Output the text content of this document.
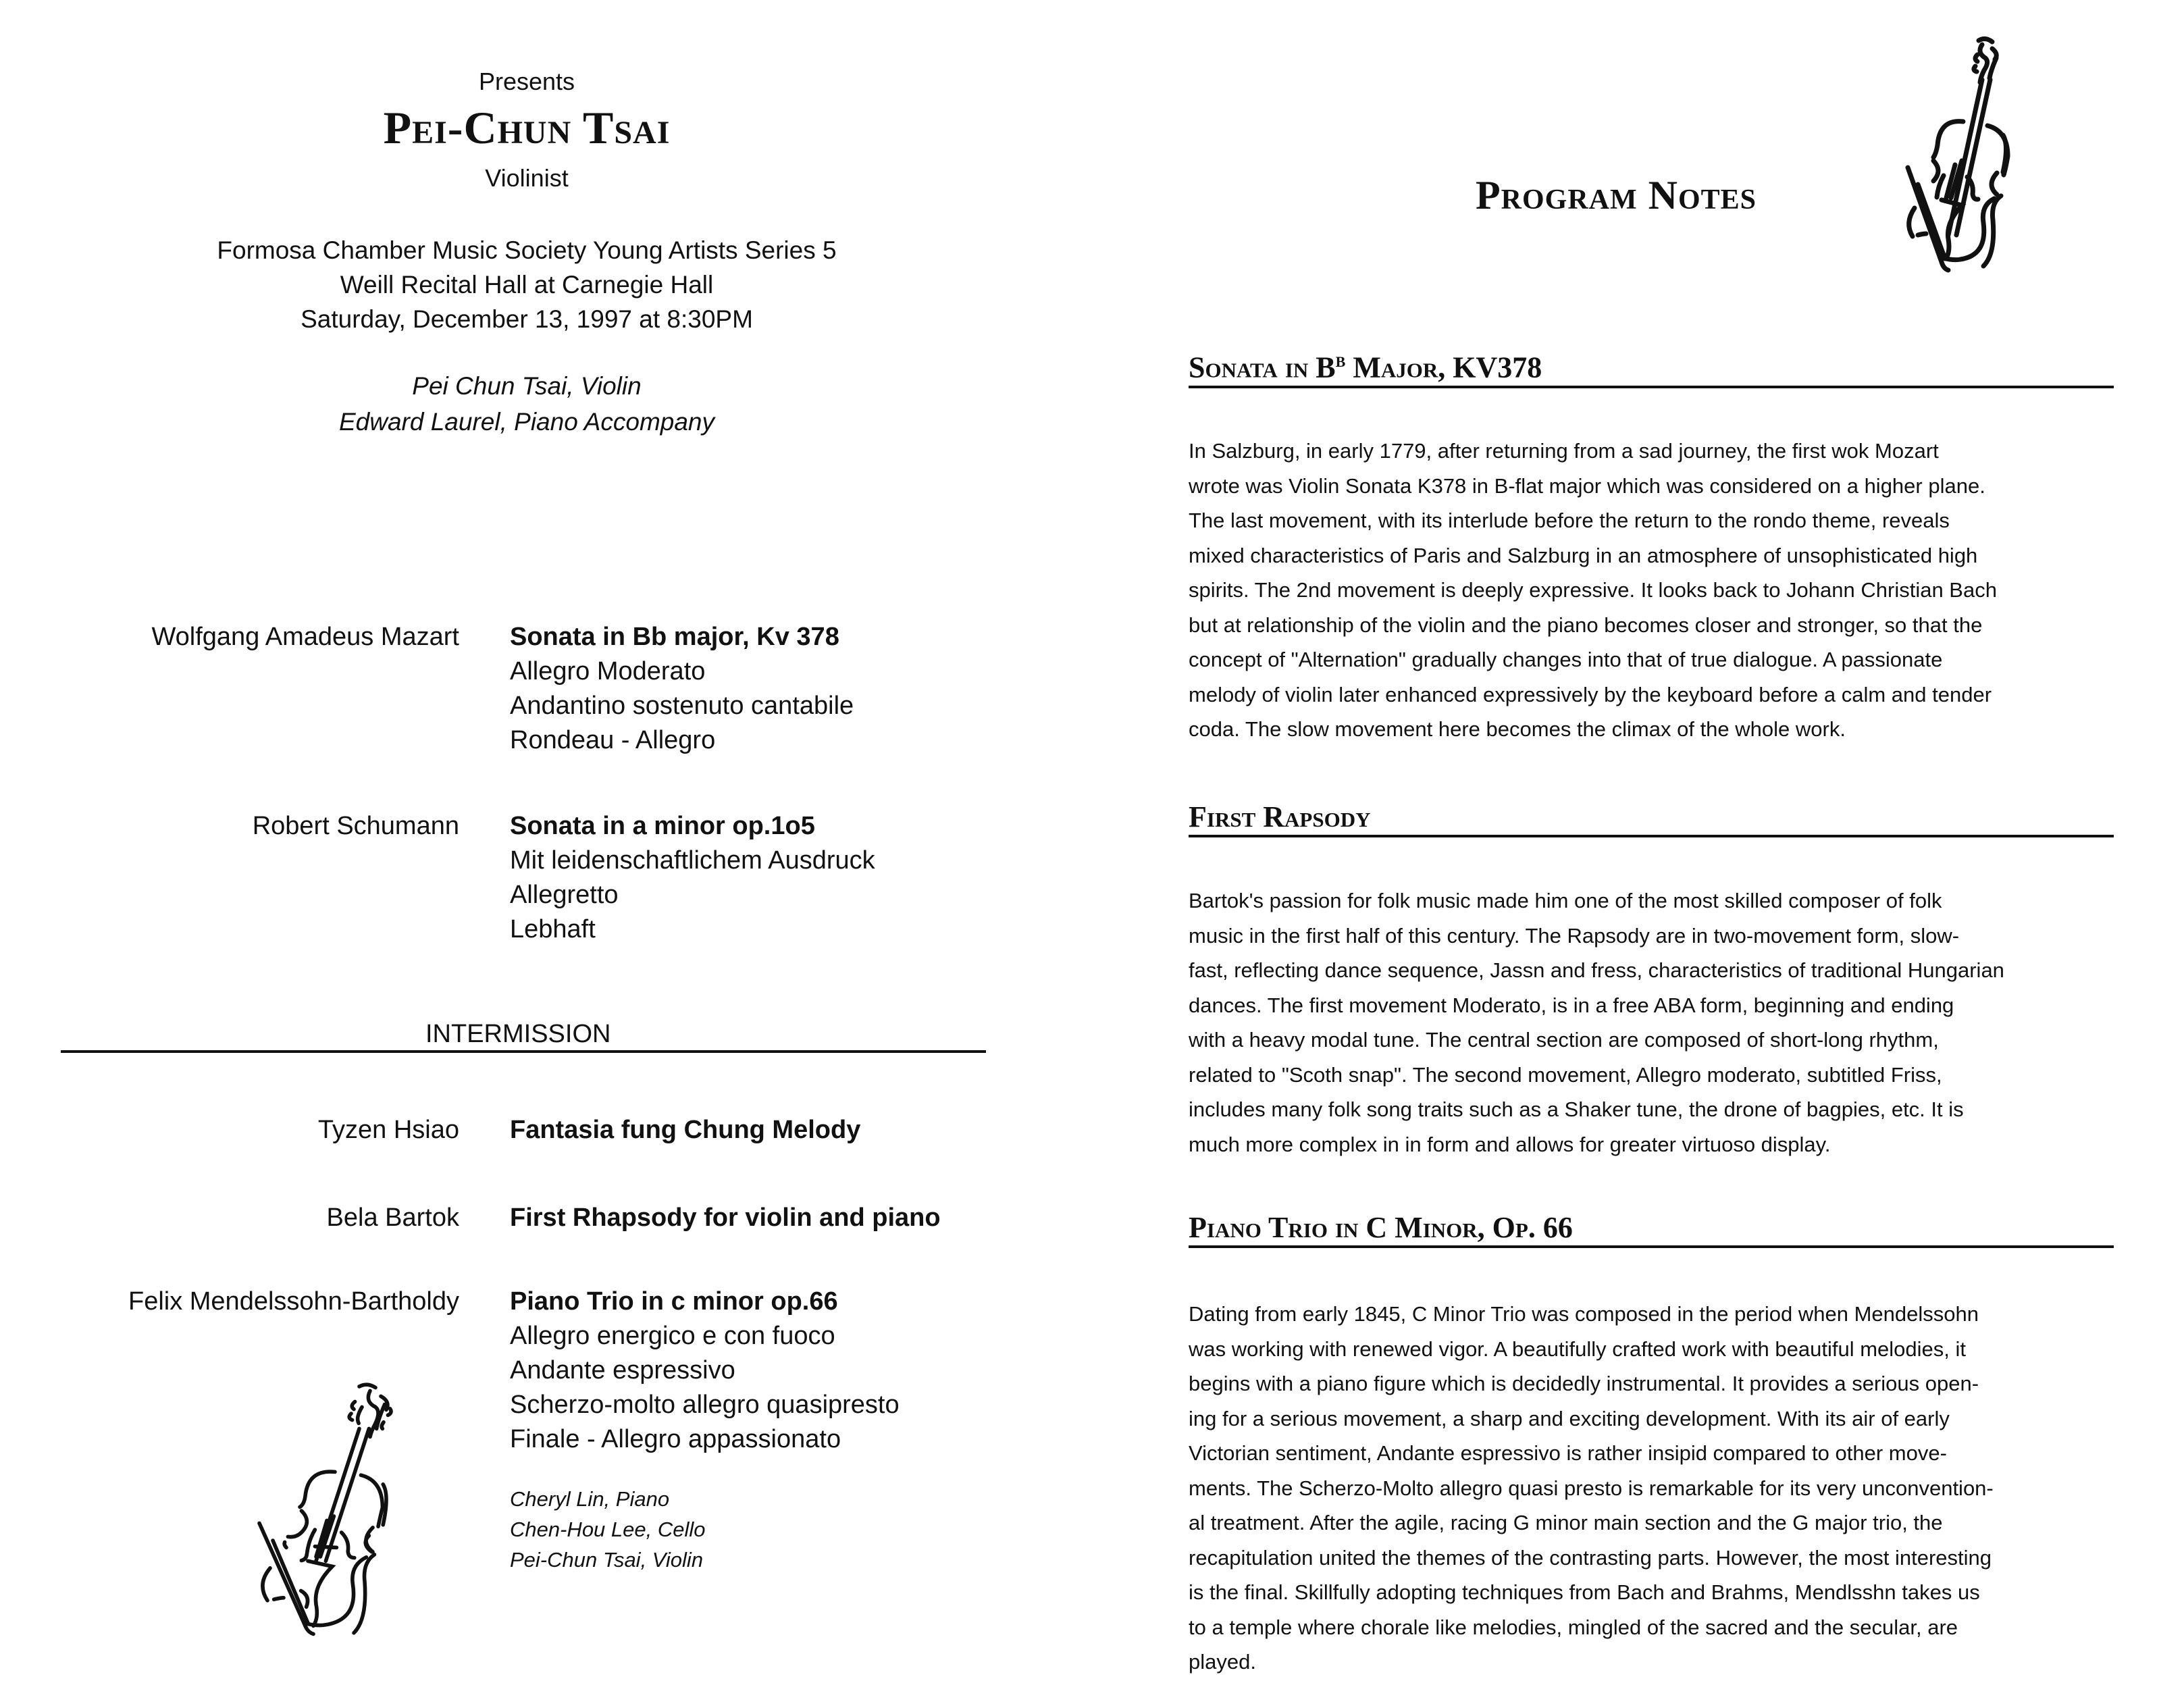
Presents
Pei-Chun Tsai
Violinist
Formosa Chamber Music Society Young Artists Series 5
Weill Recital Hall at Carnegie Hall
Saturday, December 13, 1997 at 8:30PM
Pei Chun Tsai, Violin
Edward Laurel, Piano Accompany
Wolfgang Amadeus Mazart Sonata in Bb major, Kv 378
Allegro Moderato
Andantino sostenuto cantabile
Rondeau - Allegro
Robert Schumann Sonata in a minor op.1o5
Mit leidenschaftlichem Ausdruck
Allegretto
Lebhaft
INTERMISSION
Tyzen Hsiao Fantasia fung Chung Melody
Bela Bartok First Rhapsody for violin and piano
Felix Mendelssohn-Bartholdy Piano Trio in c minor op.66
Allegro energico e con fuoco
Andante espressivo
Scherzo-molto allegro quasipresto
Finale - Allegro appassionato
Cheryl Lin, Piano
Chen-Hou Lee, Cello
Pei-Chun Tsai, Violin
Program Notes
Sonata in $B^b$ Major, KV378
In Salzburg, in early 1779, after returning from a sad journey, the first wok Mozart
wrote was Violin Sonata K378 in B-flat major which was considered on a higher plane.
The last movement, with its interlude before the return to the rondo theme, reveals
mixed characteristics of Paris and Salzburg in an atmosphere of unsophisticated high
spirits. The 2nd movement is deeply expressive. It looks back to Johann Christian Bach
but at relationship of the violin and the piano becomes closer and stronger, so that the
concept of "Alternation" gradually changes into that of true dialogue. A passionate
melody of violin later enhanced expressively by the keyboard before a calm and tender
coda. The slow movement here becomes the climax of the whole work.
First Rapsody
Bartok's passion for folk music made him one of the most skilled composer of folk
music in the first half of this century. The Rapsody are in two-movement form, slow-
fast, reflecting dance sequence, Jassn and fress, characteristics of traditional Hungarian
dances. The first movement Moderato, is in a free ABA form, beginning and ending
with a heavy modal tune. The central section are composed of short-long rhythm,
related to "Scoth snap". The second movement, Allegro moderato, subtitled Friss,
includes many folk song traits such as a Shaker tune, the drone of bagpies, etc. It is
much more complex in in form and allows for greater virtuoso display.
Piano Trio in C Minor, Op. 66
Dating from early 1845, C Minor Trio was composed in the period when Mendelssohn
was working with renewed vigor. A beautifully crafted work with beautiful melodies, it
begins with a piano figure which is decidedly instrumental. It provides a serious open-
ing for a serious movement, a sharp and exciting development. With its air of early
Victorian sentiment, Andante espressivo is rather insipid compared to other move-
ments. The Scherzo-Molto allegro quasi presto is remarkable for its very unconvention-
al treatment. After the agile, racing G minor main section and the G major trio, the
recapitulation united the themes of the contrasting parts. However, the most interesting
is the final. Skillfully adopting techniques from Bach and Brahms, Mendlsshn takes us
to a temple where chorale like melodies, mingled of the sacred and the secular, are
played.
